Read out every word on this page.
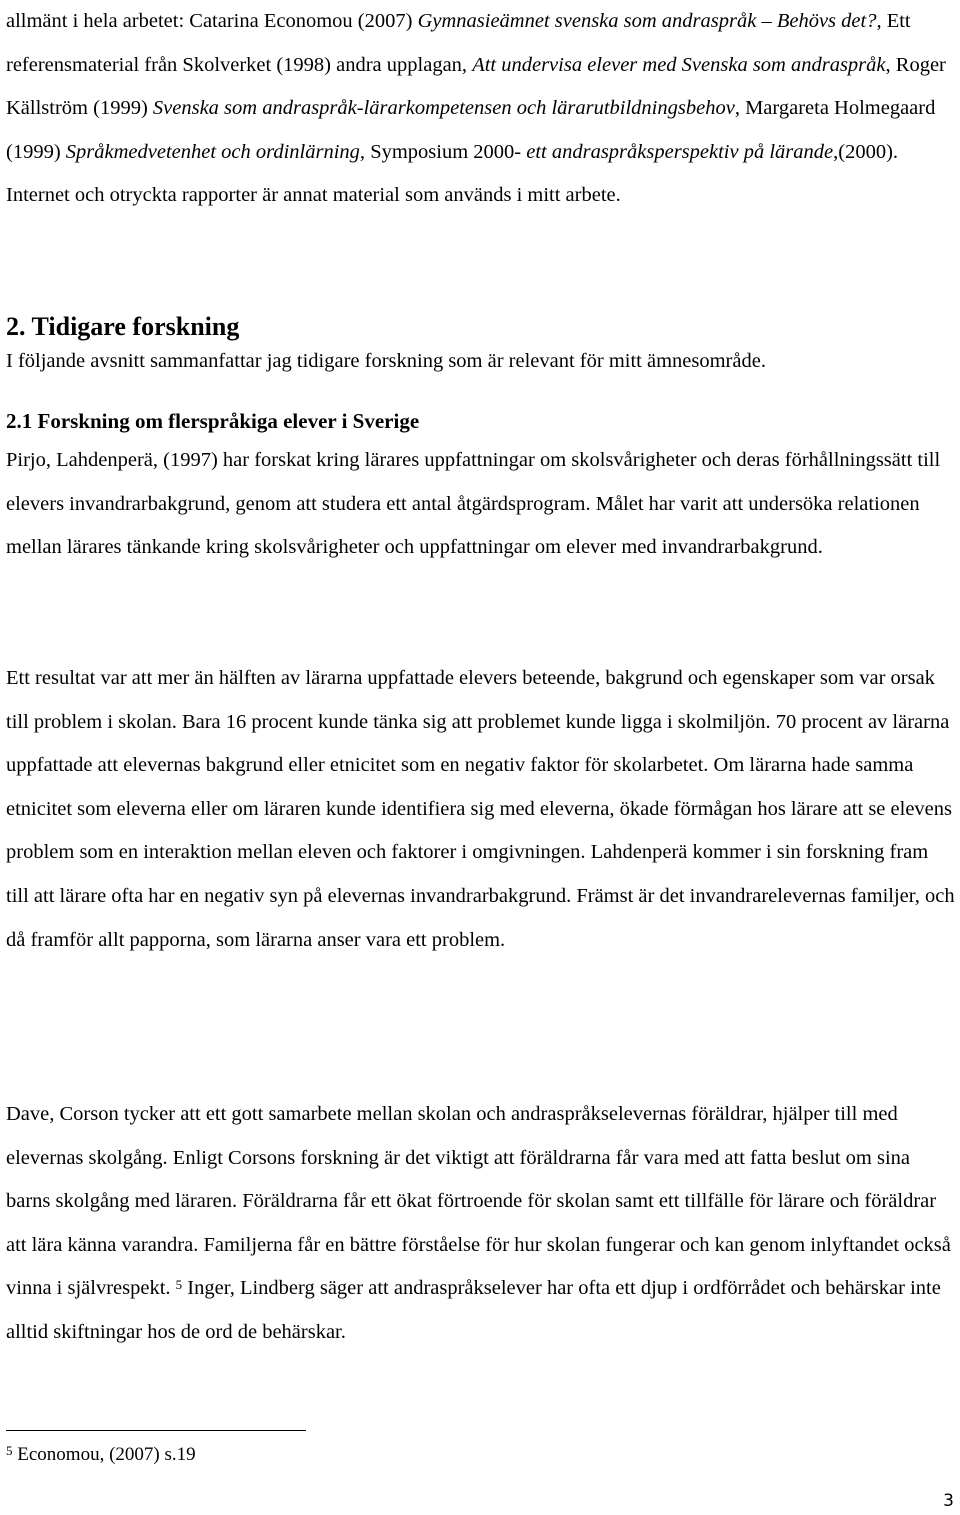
allmänt i hela arbetet: Catarina Economou (2007) Gymnasieämnet svenska som andraspråk – Behövs det?, Ett referensmaterial från Skolverket (1998) andra upplagan, Att undervisa elever med Svenska som andraspråk, Roger Källström (1999) Svenska som andraspråk-lärarkompetensen och lärarutbildningsbehov, Margareta Holmegaard (1999) Språkmedvetenhet och ordinlärning, Symposium 2000- ett andraspråksperspektiv på lärande,(2000). Internet och otryckta rapporter är annat material som används i mitt arbete.

2. Tidigare forskning

I följande avsnitt sammanfattar jag tidigare forskning som är relevant för mitt ämnesområde.

2.1 Forskning om flerspråkiga elever i Sverige

Pirjo, Lahdenperä, (1997) har forskat kring lärares uppfattningar om skolsvårigheter och deras förhållningssätt till elevers invandrarbakgrund, genom att studera ett antal åtgärdsprogram. Målet har varit att undersöka relationen mellan lärares tänkande kring skolsvårigheter och uppfattningar om elever med invandrarbakgrund.

Ett resultat var att mer än hälften av lärarna uppfattade elevers beteende, bakgrund och egenskaper som var orsak till problem i skolan. Bara 16 procent kunde tänka sig att problemet kunde ligga i skolmiljön. 70 procent av lärarna uppfattade att elevernas bakgrund eller etnicitet som en negativ faktor för skolarbetet. Om lärarna hade samma etnicitet som eleverna eller om läraren kunde identifiera sig med eleverna, ökade förmågan hos lärare att se elevens problem som en interaktion mellan eleven och faktorer i omgivningen. Lahdenperä kommer i sin forskning fram till att lärare ofta har en negativ syn på elevernas invandrarbakgrund. Främst är det invandrarelevernas familjer, och då framför allt papporna, som lärarna anser vara ett problem.

Dave, Corson tycker att ett gott samarbete mellan skolan och andraspråkselevernas föräldrar, hjälper till med elevernas skolgång. Enligt Corsons forskning är det viktigt att föräldrarna får vara med att fatta beslut om sina barns skolgång med läraren. Föräldrarna får ett ökat förtroende för skolan samt ett tillfälle för lärare och föräldrar att lära känna varandra. Familjerna får en bättre förståelse för hur skolan fungerar och kan genom inlyftandet också vinna i självrespekt. $^5$ Inger, Lindberg säger att andraspråkselever har ofta ett djup i ordförrådet och behärskar inte alltid skiftningar hos de ord de behärskar.

$^5$ Economou, (2007) s.19

3
